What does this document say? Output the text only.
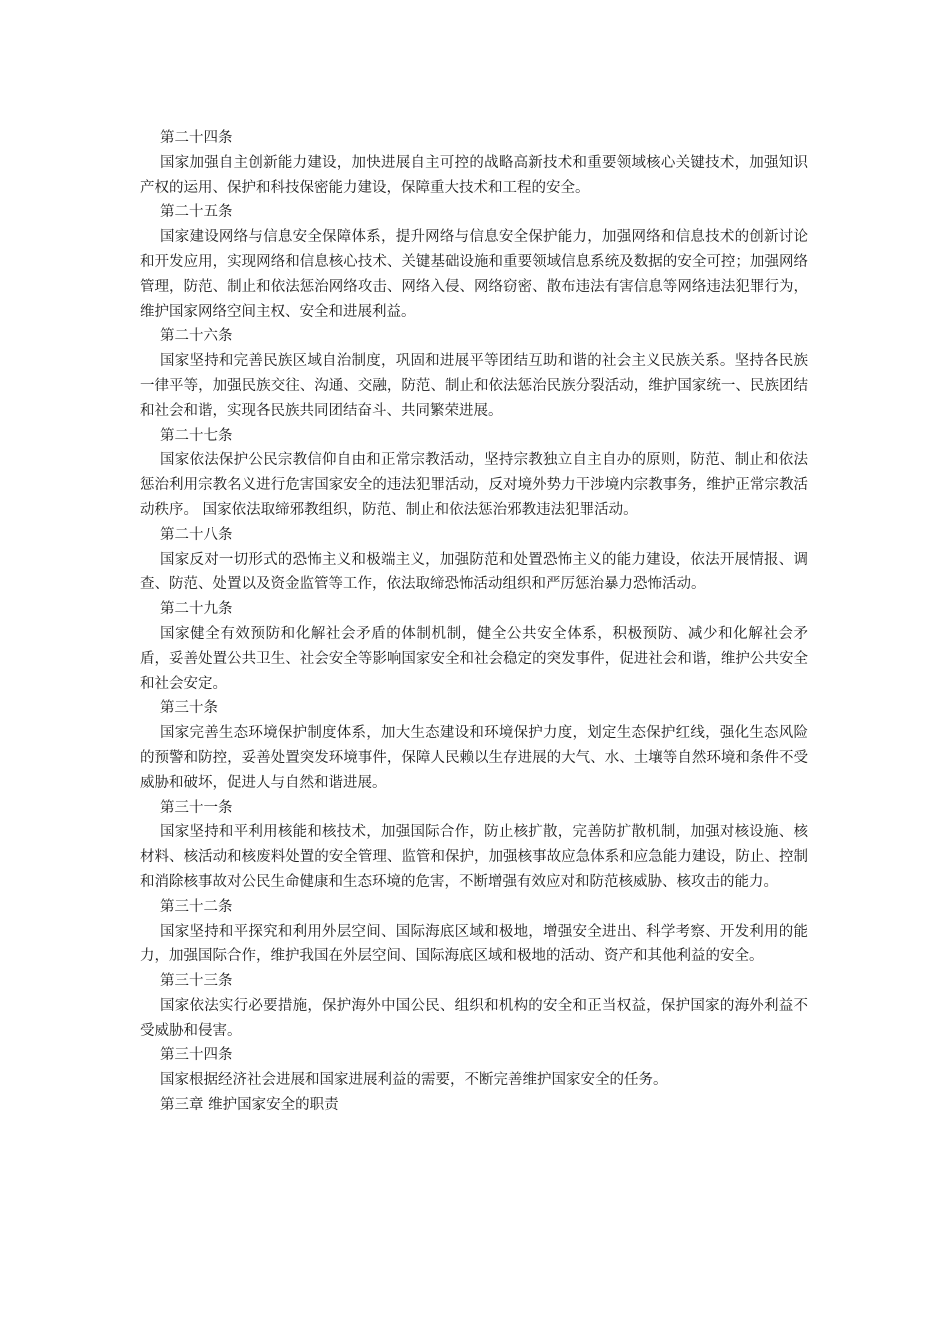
第二十四条

国家加强自主创新能力建设，加快进展自主可控的战略高新技术和重要领域核心关键技术，加强知识产权的运用、保护和科技保密能力建设，保障重大技术和工程的安全。

第二十五条

国家建设网络与信息安全保障体系，提升网络与信息安全保护能力，加强网络和信息技术的创新讨论和开发应用，实现网络和信息核心技术、关键基础设施和重要领域信息系统及数据的安全可控；加强网络管理，防范、制止和依法惩治网络攻击、网络入侵、网络窃密、散布违法有害信息等网络违法犯罪行为，维护国家网络空间主权、安全和进展利益。

第二十六条

国家坚持和完善民族区域自治制度，巩固和进展平等团结互助和谐的社会主义民族关系。坚持各民族一律平等，加强民族交往、沟通、交融，防范、制止和依法惩治民族分裂活动，维护国家统一、民族团结和社会和谐，实现各民族共同团结奋斗、共同繁荣进展。

第二十七条

国家依法保护公民宗教信仰自由和正常宗教活动，坚持宗教独立自主自办的原则，防范、制止和依法惩治利用宗教名义进行危害国家安全的违法犯罪活动，反对境外势力干涉境内宗教事务，维护正常宗教活动秩序。 国家依法取缔邪教组织，防范、制止和依法惩治邪教违法犯罪活动。

第二十八条

国家反对一切形式的恐怖主义和极端主义，加强防范和处置恐怖主义的能力建设，依法开展情报、调查、防范、处置以及资金监管等工作，依法取缔恐怖活动组织和严厉惩治暴力恐怖活动。

第二十九条

国家健全有效预防和化解社会矛盾的体制机制，健全公共安全体系，积极预防、减少和化解社会矛盾，妥善处置公共卫生、社会安全等影响国家安全和社会稳定的突发事件，促进社会和谐，维护公共安全和社会安定。

第三十条

国家完善生态环境保护制度体系，加大生态建设和环境保护力度，划定生态保护红线，强化生态风险的预警和防控，妥善处置突发环境事件，保障人民赖以生存进展的大气、水、土壤等自然环境和条件不受威胁和破坏，促进人与自然和谐进展。

第三十一条

国家坚持和平利用核能和核技术，加强国际合作，防止核扩散，完善防扩散机制，加强对核设施、核材料、核活动和核废料处置的安全管理、监管和保护，加强核事故应急体系和应急能力建设，防止、控制和消除核事故对公民生命健康和生态环境的危害，不断增强有效应对和防范核威胁、核攻击的能力。

第三十二条

国家坚持和平探究和利用外层空间、国际海底区域和极地，增强安全进出、科学考察、开发利用的能力，加强国际合作，维护我国在外层空间、国际海底区域和极地的活动、资产和其他利益的安全。

第三十三条

国家依法实行必要措施，保护海外中国公民、组织和机构的安全和正当权益，保护国家的海外利益不受威胁和侵害。

第三十四条

国家根据经济社会进展和国家进展利益的需要，不断完善维护国家安全的任务。

第三章 维护国家安全的职责
